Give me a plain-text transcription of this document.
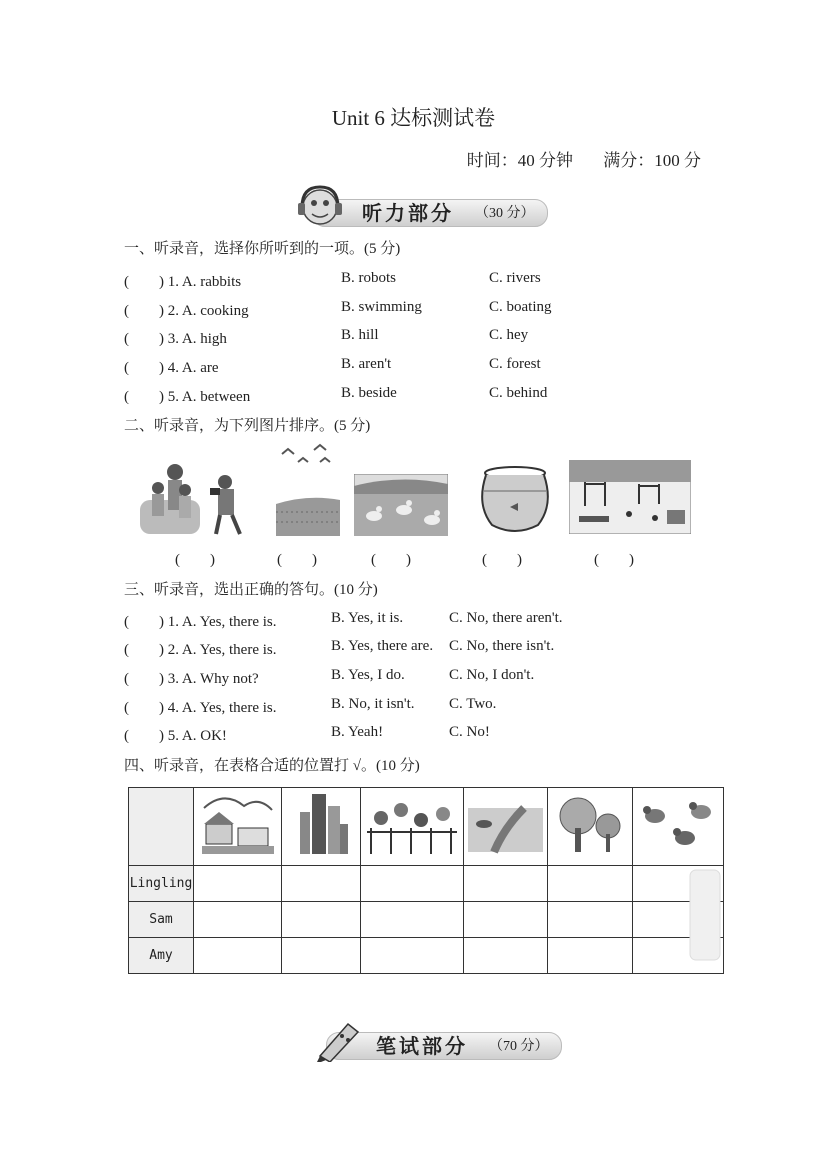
Unit 6 达标测试卷
时间：40 分钟 满分：100 分
听力部分 （30 分）
一、听录音，选择你所听到的一项。(5 分)
(　　) 1. A. rabbits	B. robots	C. rivers
(　　) 2. A. cooking	B. swimming	C. boating
(　　) 3. A. high	B. hill	C. hey
(　　) 4. A. are	B. aren't	C. forest
(　　) 5. A. between	B. beside	C. behind
二、听录音，为下列图片排序。(5 分)
(　　)	(　　)	(　　)	(　　)	(　　)
三、听录音，选出正确的答句。(10 分)
(　　) 1. A. Yes, there is.	B. Yes, it is.	C. No, there aren't.
(　　) 2. A. Yes, there is.	B. Yes, there are. C. No, there isn't.
(　　) 3. A. Why not?	B. Yes, I do.	C. No, I don't.
(　　) 4. A. Yes, there is.	B. No, it isn't. C. Two.
(　　) 5. A. OK!	B. Yeah!	C. No!
四、听录音，在表格合适的位置打 √。(10 分)

Lingling						
Sam						
Amy						
笔试部分 （70 分）
